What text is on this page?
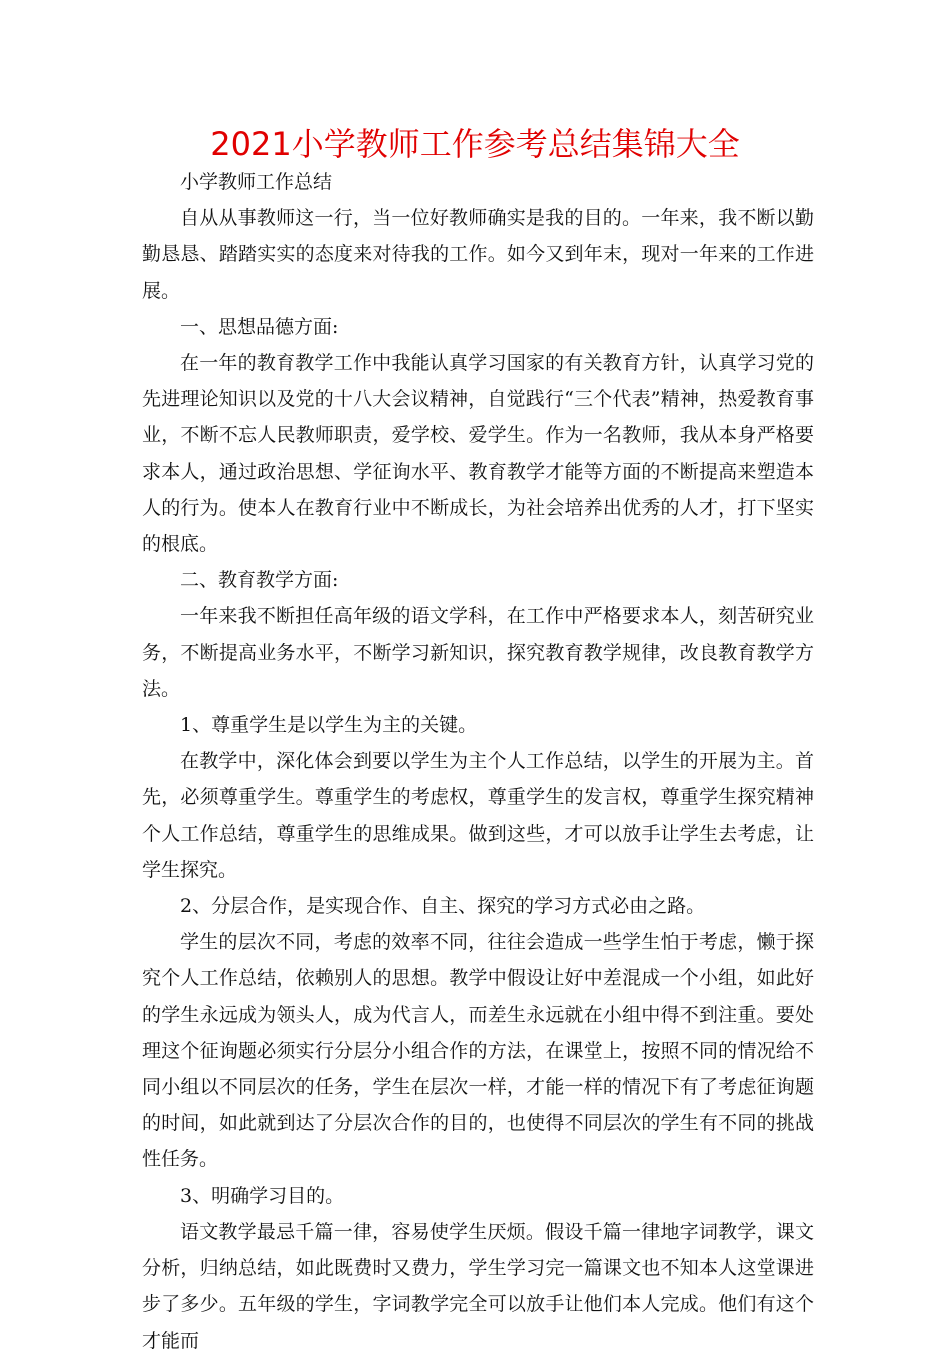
2021小学教师工作参考总结集锦大全

小学教师工作总结

自从从事教师这一行，当一位好教师确实是我的目的。一年来，我不断以勤勤恳恳、踏踏实实的态度来对待我的工作。如今又到年末，现对一年来的工作进展。

一、思想品德方面:

在一年的教育教学工作中我能认真学习国家的有关教育方针，认真学习党的先进理论知识以及党的十八大会议精神，自觉践行“三个代表”精神，热爱教育事业，不断不忘人民教师职责，爱学校、爱学生。作为一名教师，我从本身严格要求本人，通过政治思想、学征询水平、教育教学才能等方面的不断提高来塑造本人的行为。使本人在教育行业中不断成长，为社会培养出优秀的人才，打下坚实的根底。

二、教育教学方面:

一年来我不断担任高年级的语文学科，在工作中严格要求本人，刻苦研究业务，不断提高业务水平，不断学习新知识，探究教育教学规律，改良教育教学方法。

1、尊重学生是以学生为主的关键。

在教学中，深化体会到要以学生为主个人工作总结，以学生的开展为主。首先，必须尊重学生。尊重学生的考虑权，尊重学生的发言权，尊重学生探究精神个人工作总结，尊重学生的思维成果。做到这些，才可以放手让学生去考虑，让学生探究。

2、分层合作，是实现合作、自主、探究的学习方式必由之路。

学生的层次不同，考虑的效率不同，往往会造成一些学生怕于考虑，懒于探究个人工作总结，依赖别人的思想。教学中假设让好中差混成一个小组，如此好的学生永远成为领头人，成为代言人，而差生永远就在小组中得不到注重。要处理这个征询题必须实行分层分小组合作的方法，在课堂上，按照不同的情况给不同小组以不同层次的任务，学生在层次一样，才能一样的情况下有了考虑征询题的时间，如此就到达了分层次合作的目的，也使得不同层次的学生有不同的挑战性任务。

3、明确学习目的。

语文教学最忌千篇一律，容易使学生厌烦。假设千篇一律地字词教学，课文分析，归纳总结，如此既费时又费力，学生学习完一篇课文也不知本人这堂课进步了多少。五年级的学生，字词教学完全可以放手让他们本人完成。他们有这个才能而
